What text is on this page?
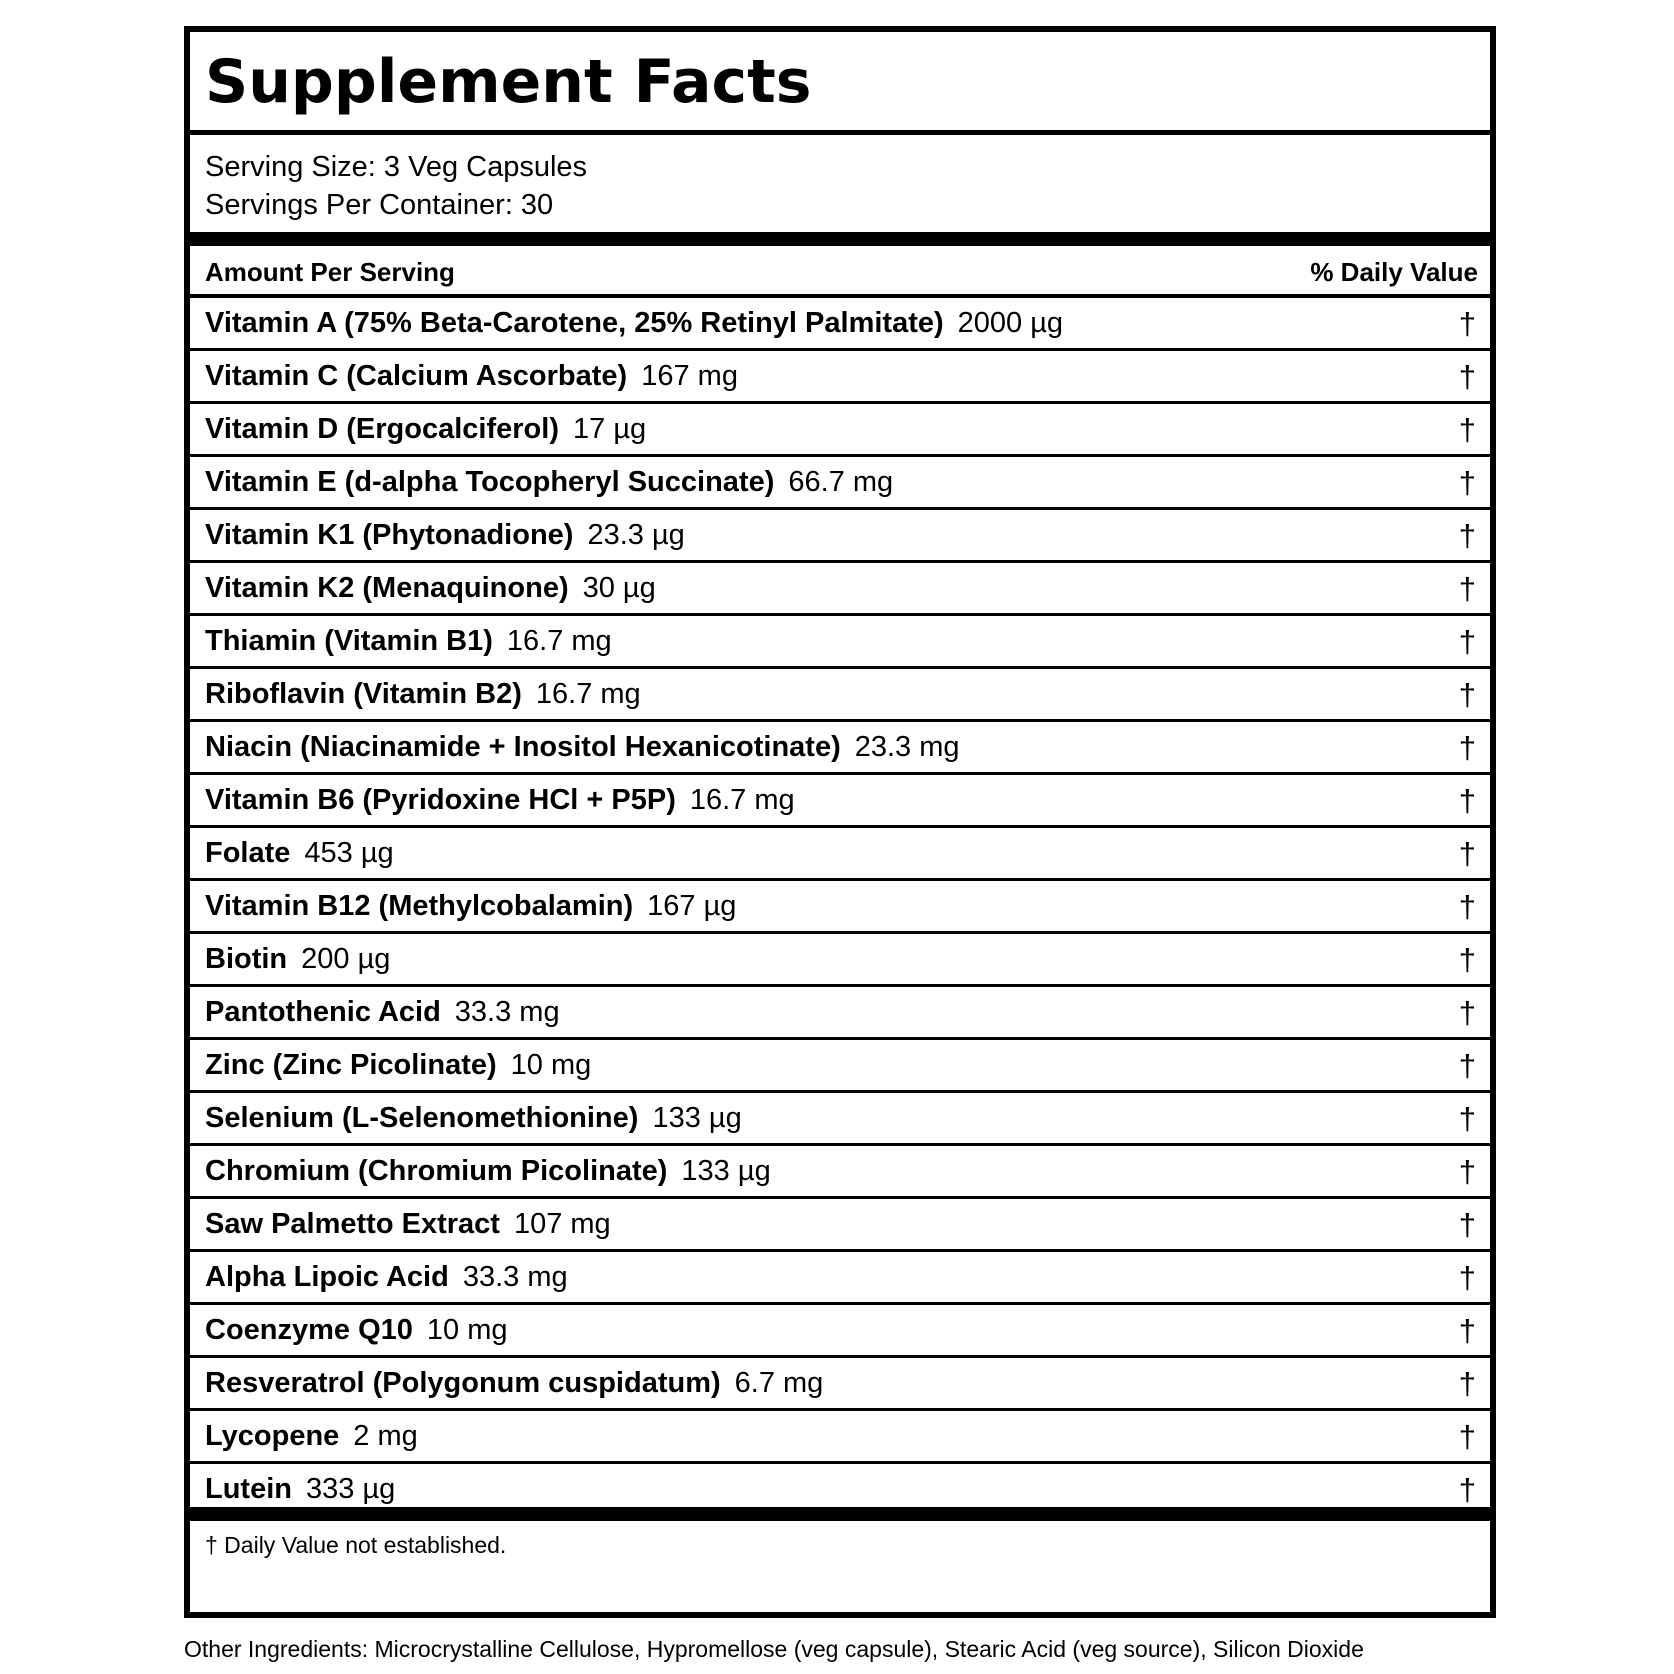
Supplement Facts
Serving Size: 3 Veg Capsules
Servings Per Container: 30
Amount Per Serving	% Daily Value
Vitamin A (75% Beta-Carotene, 25% Retinyl Palmitate) 2000 µg	†
Vitamin C (Calcium Ascorbate) 167 mg	†
Vitamin D (Ergocalciferol) 17 µg	†
Vitamin E (d-alpha Tocopheryl Succinate) 66.7 mg	†
Vitamin K1 (Phytonadione) 23.3 µg	†
Vitamin K2 (Menaquinone) 30 µg	†
Thiamin (Vitamin B1) 16.7 mg	†
Riboflavin (Vitamin B2) 16.7 mg	†
Niacin (Niacinamide + Inositol Hexanicotinate) 23.3 mg	†
Vitamin B6 (Pyridoxine HCl + P5P) 16.7 mg	†
Folate 453 µg	†
Vitamin B12 (Methylcobalamin) 167 µg	†
Biotin 200 µg	†
Pantothenic Acid 33.3 mg	†
Zinc (Zinc Picolinate) 10 mg	†
Selenium (L-Selenomethionine) 133 µg	†
Chromium (Chromium Picolinate) 133 µg	†
Saw Palmetto Extract 107 mg	†
Alpha Lipoic Acid 33.3 mg	†
Coenzyme Q10 10 mg	†
Resveratrol (Polygonum cuspidatum) 6.7 mg	†
Lycopene 2 mg	†
Lutein 333 µg	†
† Daily Value not established.
Other Ingredients: Microcrystalline Cellulose, Hypromellose (veg capsule), Stearic Acid (veg source), Silicon Dioxide
